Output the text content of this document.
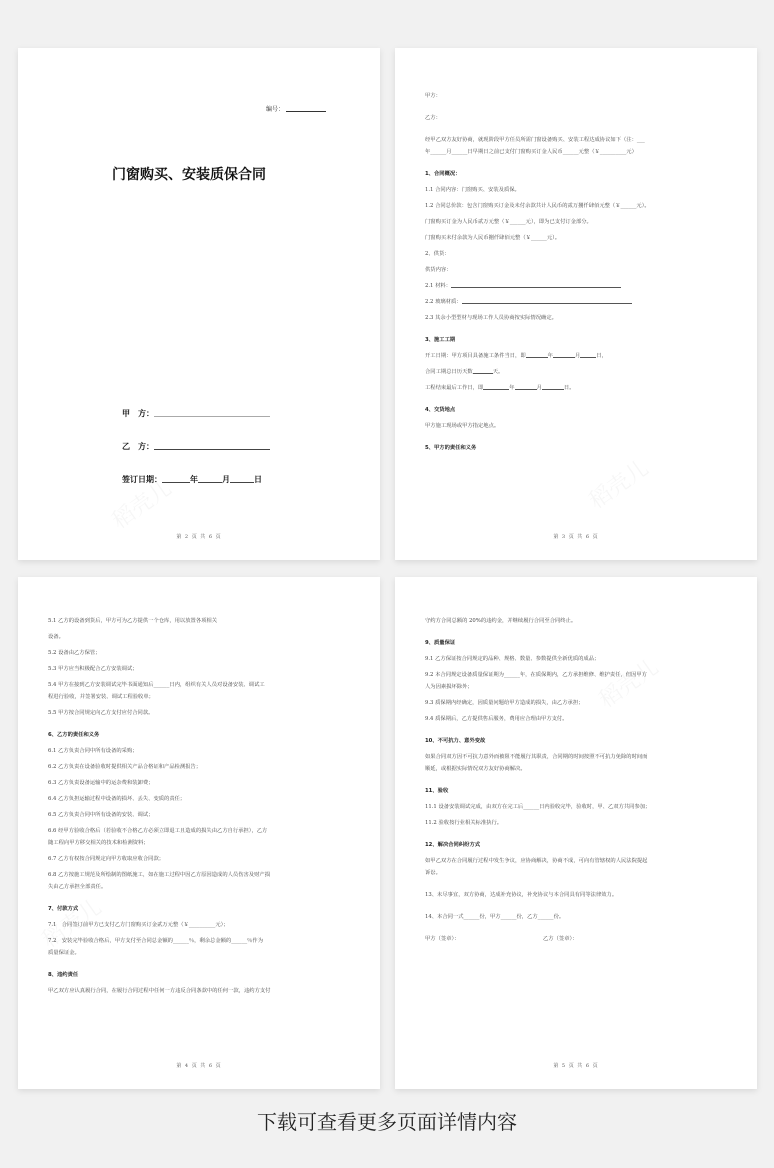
编号：
门窗购买、安装质保合同
甲　方：
乙　方：
签订日期：	年	月	日
第 2 页 共 6 页
甲方：
乙方：
经甲乙双方友好协商，就现阶段甲方任员所需门窗设备购买、安装工程达成协议如下（注：___
年______月______日早期日之前已支付门窗购买订金人民币______元整（￥__________元）
1、合同概况：
1.1 合同内容：门窗购买、安装及质保。
1.2 合同总价款：包含门窗购买订金及未付余款共计人民币的贰万捌仟肆佰元整（￥______元）。
门窗购买订金为人民币贰万元整（￥______元），即为已支付订金部分。
门窗购买未付余款为人民币捌仟肆佰元整（￥______元）。
2、供货：
供货内容：
2.1 材料：
2.2 玻璃材质：
2.3 其余小型型材与现场工作人员协商按实际情况确定。
3、施工工期
开工日期：甲方项目具备施工条件当日，即	年	月	日，
合同工期总日历天数	天。
工程结束最后工作日，即	年	月	日。
4、交货地点
甲方施工现场或甲方指定地点。
5、甲方的责任和义务
第 3 页 共 6 页
5.1 乙方的设备到货后，甲方可为乙方提供一个仓库，用以放置各项相关
设备。
5.2 设备由乙方保管；
5.3 甲方应当积极配合乙方安装调试；
5.4 甲方在接到乙方安装调试完毕书面通知后______日内，组织有关人员对设备安装、调试工
程进行验收，并签署安装、调试工程验收单；
5.5 甲方按合同规定向乙方支付应付合同款。
6、乙方的责任和义务
6.1 乙方负责合同中所有设备的采购；
6.2 乙方负责在设备验收时提供相关产品合格证和产品检测报告；
6.3 乙方负责设备运输中的运杂费和装卸费；
6.4 乙方负担运输过程中设备的损坏、丢失、变质的责任；
6.5 乙方负责合同中所有设备的安装、调试；
6.6 经甲方验收合格后（若验收不合格乙方必须立即退工且造成的损失由乙方自行承担），乙方
随工程向甲方移交相关的技术和检测资料；
6.7 乙方有权按合同规定向甲方收取应收合同款；
6.8 乙方按施工规范及所绘制的图纸施工，如在施工过程中因乙方原因造成的人员伤害及财产损
失由乙方承担全部责任。
7、付款方式
7.1　合同签订前甲方已支付乙方门窗购买订金贰万元整（￥__________元）；
7.2　安装完毕验收合格后，甲方支付至合同总金额的______％，剩余总金额的______％作为
质量保证金。
8、违约责任
甲乙双方应认真履行合同，在履行合同过程中任何一方违反合同条款中的任何一款，违约方支付
第 4 页 共 6 页
守约方合同总额的 20%的违约金，并继续履行合同至合同终止。
9、质量保证
9.1 乙方保证按合同规定的品种、规格、数量、参数提供全新优质的成品；
9.2 本合同规定设备质量保证期为______年，在质保期内，乙方承担维修、维护责任，但因甲方
人为因素损坏除外；
9.3 质保期内经确定，因质量问题给甲方造成的损失，由乙方承担；
9.4 质保期后，乙方提供售后服务，费用应合理由甲方支付。
10、不可抗力、意外变故
如果合同双方因不可抗力意外而被阻不能履行其职责，合同期的时间按照不可抗力免除的时间而
顺延，或根据实际情况双方友好协商解决。
11、验收
11.1 设备安装调试完成，由双方在完工后______日内验收完毕，验收时，甲、乙双方共同参加；
11.2 验收按行业相关标准执行。
12、解决合同纠纷方式
如甲乙双方在合同履行过程中发生争议，应协商解决，协商不成，可向有管辖权的人民法院提起
诉讼。
13、未尽事宜，双方协商，达成补充协议，补充协议与本合同具有同等法律效力。
14、本合同一式______份，甲方______份，乙方______份。
甲方（签章）：	乙方（签章）：
第 5 页 共 6 页
下载可查看更多页面详情内容
